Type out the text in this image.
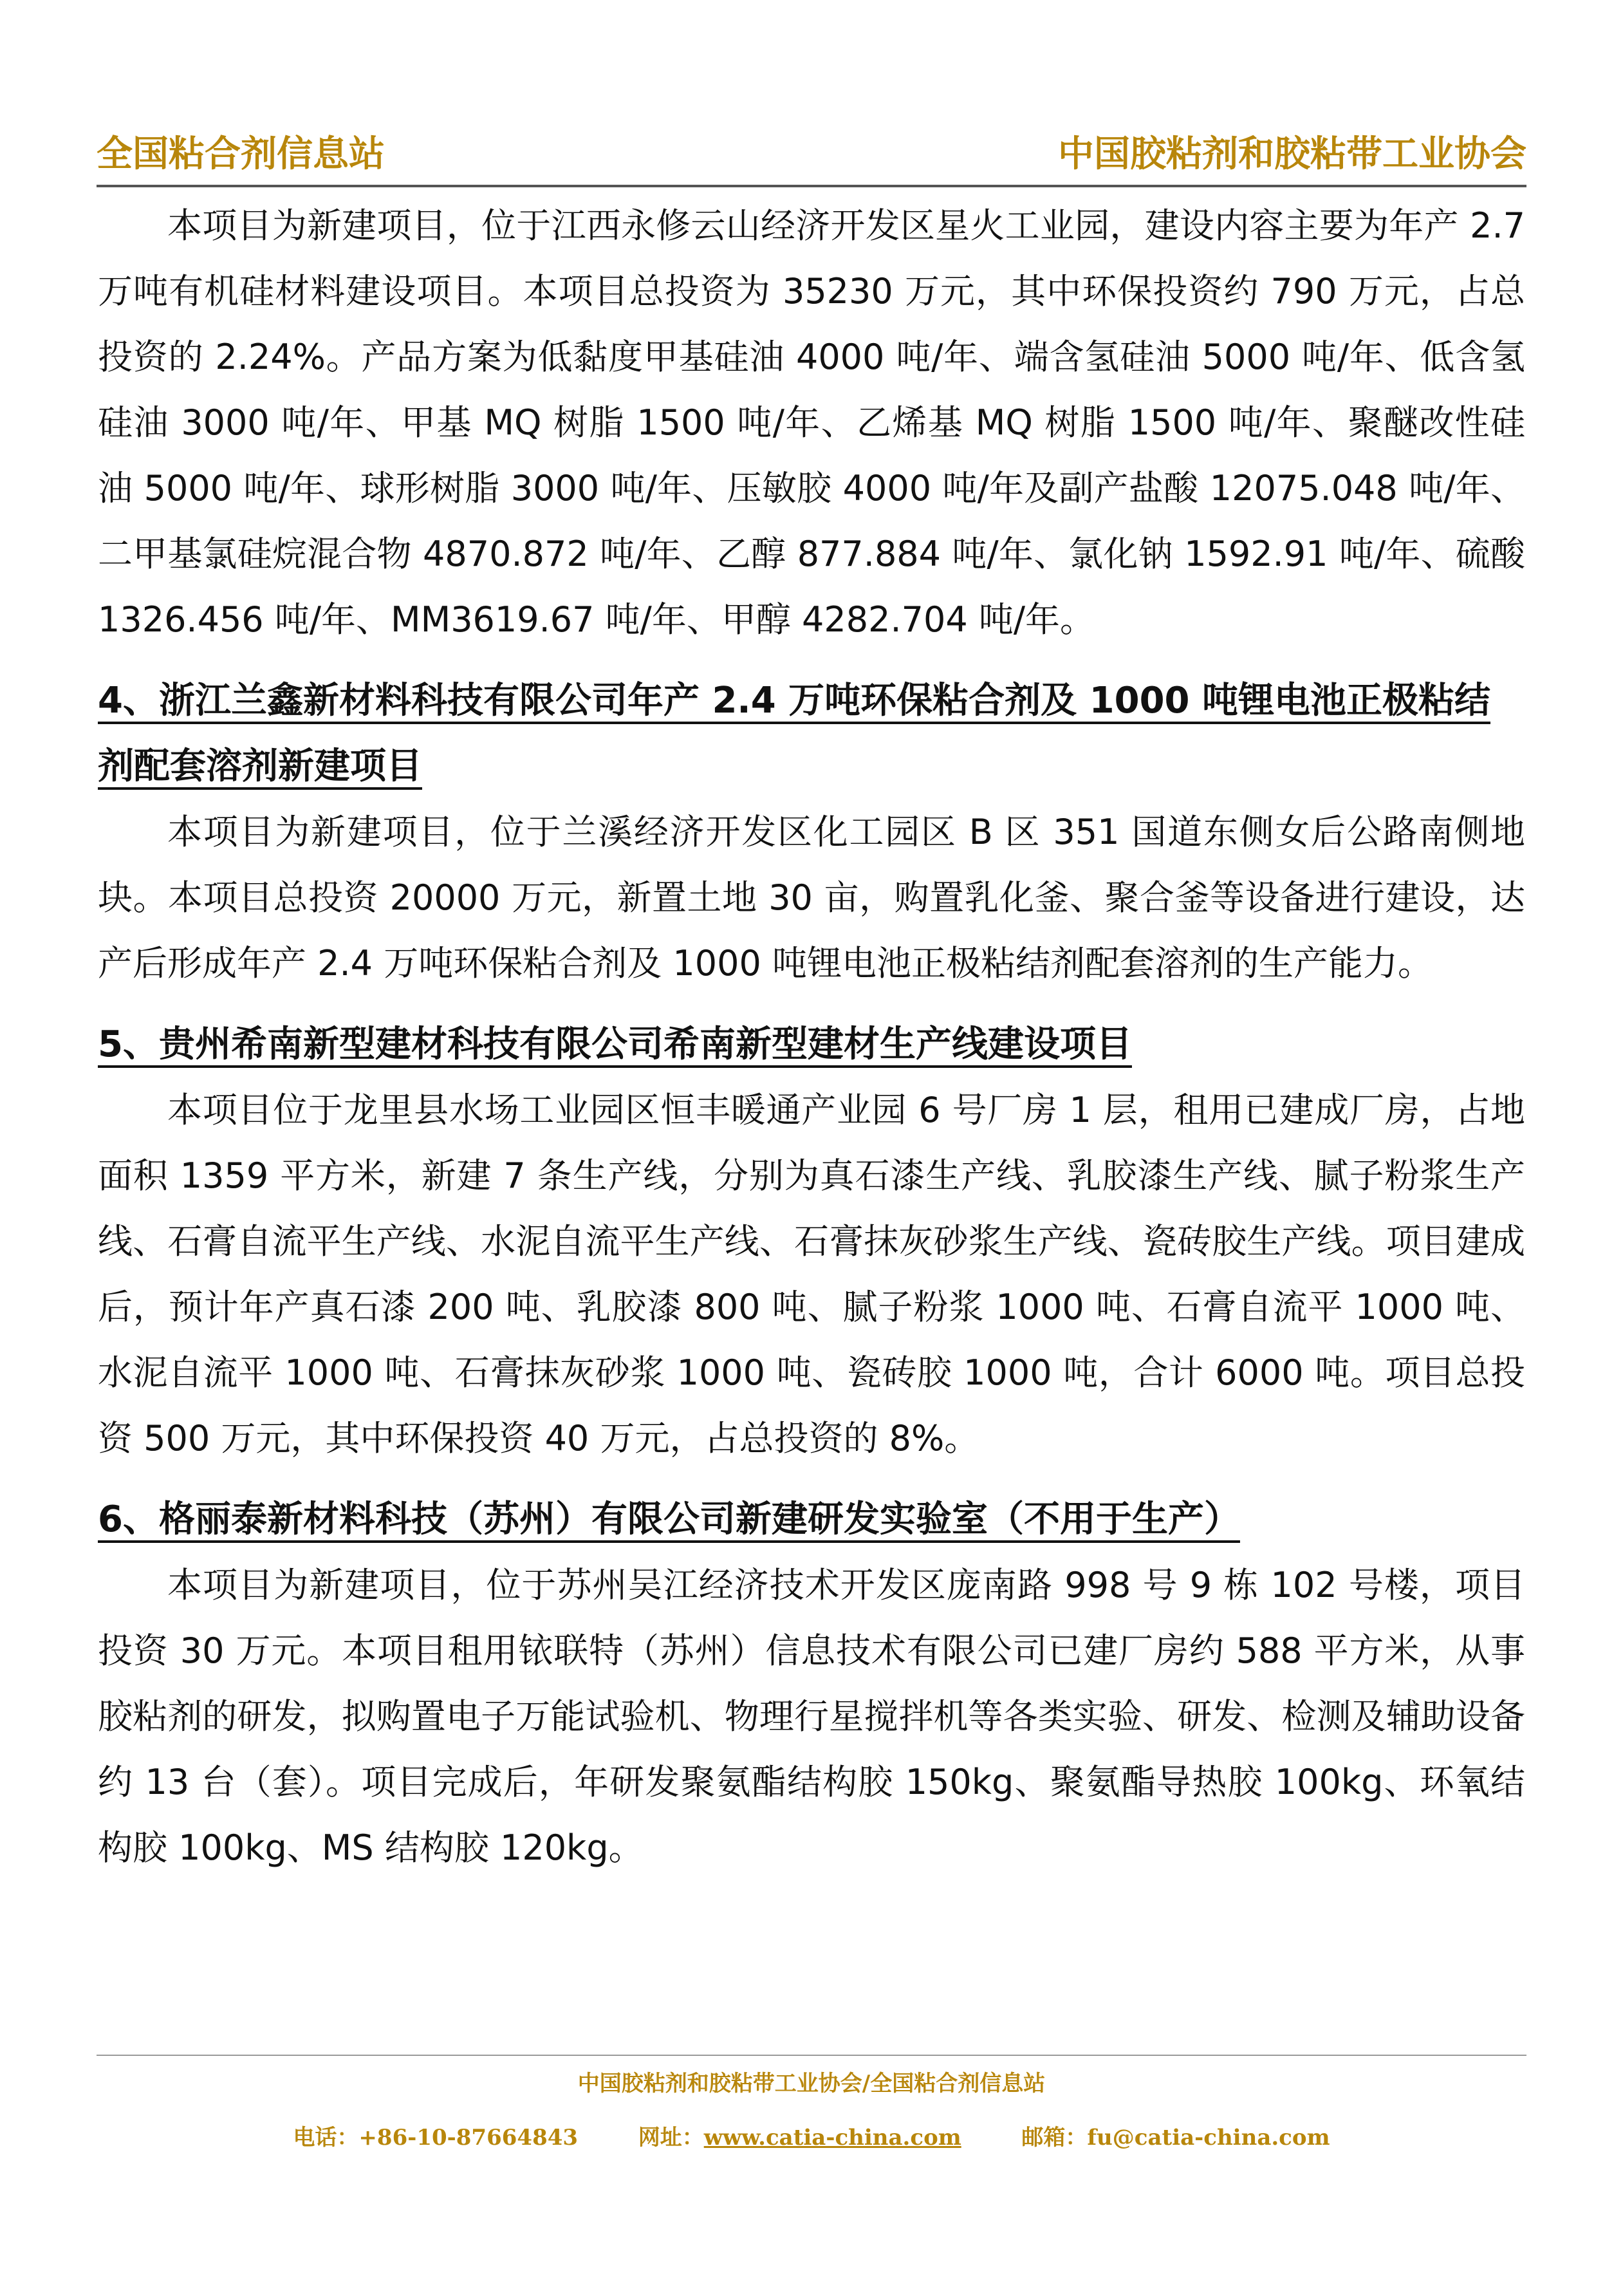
全国粘合剂信息站	中国胶粘剂和胶粘带工业协会

本项目为新建项目，位于江西永修云山经济开发区星火工业园，建设内容主要为年产 2.7 万吨有机硅材料建设项目。本项目总投资为 35230 万元，其中环保投资约 790 万元，占总投资的 2.24%。产品方案为低黏度甲基硅油 4000 吨/年、端含氢硅油 5000 吨/年、低含氢硅油 3000 吨/年、甲基 MQ 树脂 1500 吨/年、乙烯基 MQ 树脂 1500 吨/年、聚醚改性硅油 5000 吨/年、球形树脂 3000 吨/年、压敏胶 4000 吨/年及副产盐酸 12075.048 吨/年、二甲基氯硅烷混合物 4870.872 吨/年、乙醇 877.884 吨/年、氯化钠 1592.91 吨/年、硫酸 1326.456 吨/年、MM3619.67 吨/年、甲醇 4282.704 吨/年。

4、浙江兰鑫新材料科技有限公司年产 2.4 万吨环保粘合剂及 1000 吨锂电池正极粘结剂配套溶剂新建项目

本项目为新建项目，位于兰溪经济开发区化工园区 B 区 351 国道东侧女后公路南侧地块。本项目总投资 20000 万元，新置土地 30 亩，购置乳化釜、聚合釜等设备进行建设，达产后形成年产 2.4 万吨环保粘合剂及 1000 吨锂电池正极粘结剂配套溶剂的生产能力。

5、贵州希南新型建材科技有限公司希南新型建材生产线建设项目

本项目位于龙里县水场工业园区恒丰暖通产业园 6 号厂房 1 层，租用已建成厂房，占地面积 1359 平方米，新建 7 条生产线，分别为真石漆生产线、乳胶漆生产线、腻子粉浆生产线、石膏自流平生产线、水泥自流平生产线、石膏抹灰砂浆生产线、瓷砖胶生产线。项目建成后，预计年产真石漆 200 吨、乳胶漆 800 吨、腻子粉浆 1000 吨、石膏自流平 1000 吨、水泥自流平 1000 吨、石膏抹灰砂浆 1000 吨、瓷砖胶 1000 吨，合计 6000 吨。项目总投资 500 万元，其中环保投资 40 万元，占总投资的 8%。

6、格丽泰新材料科技（苏州）有限公司新建研发实验室（不用于生产）

本项目为新建项目，位于苏州吴江经济技术开发区庞南路 998 号 9 栋 102 号楼，项目投资 30 万元。本项目租用铱联特（苏州）信息技术有限公司已建厂房约 588 平方米，从事胶粘剂的研发，拟购置电子万能试验机、物理行星搅拌机等各类实验、研发、检测及辅助设备约 13 台（套）。项目完成后，年研发聚氨酯结构胶 150kg、聚氨酯导热胶 100kg、环氧结构胶 100kg、MS 结构胶 120kg。

中国胶粘剂和胶粘带工业协会/全国粘合剂信息站
电话：+86-10-87664843	网址：www.catia-china.com	邮箱：fu@catia-china.com
